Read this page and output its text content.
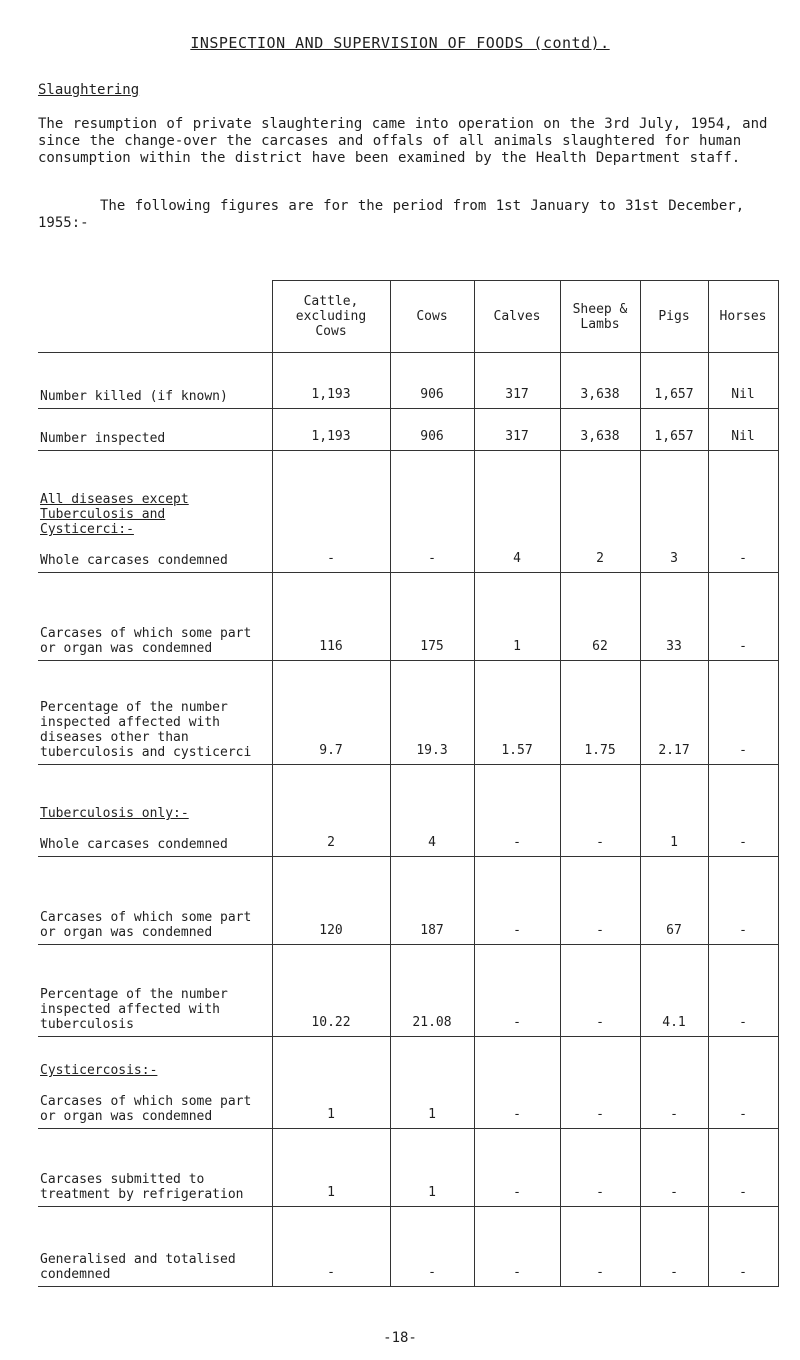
INSPECTION AND SUPERVISION OF FOODS (contd).
Slaughtering

The resumption of private slaughtering came into operation on the 3rd July, 1954, and since the change-over the carcases and offals of all animals slaughtered for human consumption within the district have been examined by the Health Department staff.

The following figures are for the period from 1st January to 31st December, 1955:-

	Cattle, excluding Cows	Cows	Calves	Sheep & Lambs	Pigs	Horses
Number killed (if known)	1,193	906	317	3,638	1,657	Nil
Number inspected	1,193	906	317	3,638	1,657	Nil

All diseases except Tuberculosis and Cysticerci:-
Whole carcases condemned	-	-	4	2	3	-
Carcases of which some part or organ was condemned	116	175	1	62	33	-
Percentage of the number inspected affected with diseases other than tuberculosis and cysticerci	9.7	19.3	1.57	1.75	2.17	-

Tuberculosis only:-
Whole carcases condemned	2	4	-	-	1	-
Carcases of which some part or organ was condemned	120	187	-	-	67	-
Percentage of the number inspected affected with tuberculosis	10.22	21.08	-	-	4.1	-

Cysticercosis:-
Carcases of which some part or organ was condemned	1	1	-	-	-	-
Carcases submitted to treatment by refrigeration	1	1	-	-	-	-
Generalised and totalised condemned	-	-	-	-	-	-
-18-
